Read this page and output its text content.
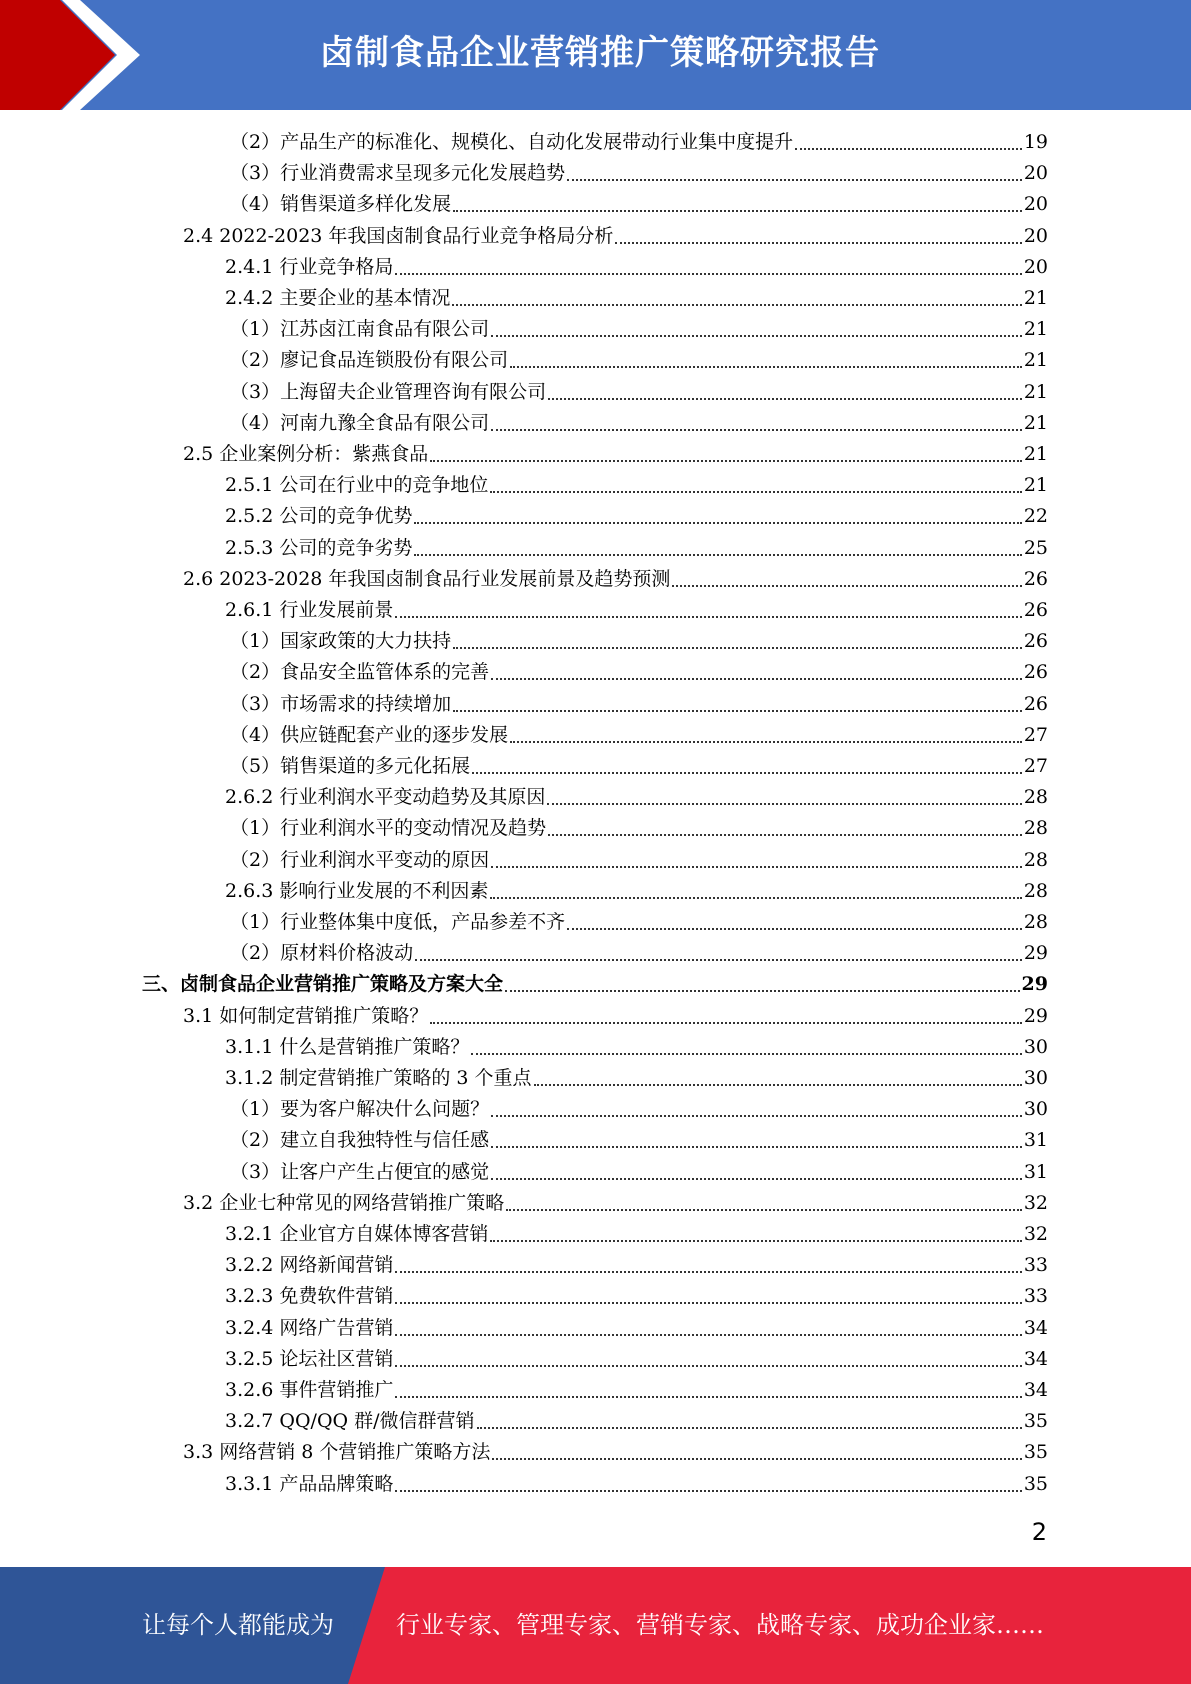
卤制食品企业营销推广策略研究报告
（2）产品生产的标准化、规模化、自动化发展带动行业集中度提升	19
（3）行业消费需求呈现多元化发展趋势	20
（4）销售渠道多样化发展	20
2.4 2022-2023 年我国卤制食品行业竞争格局分析	20
2.4.1 行业竞争格局	20
2.4.2 主要企业的基本情况	21
（1）江苏卤江南食品有限公司	21
（2）廖记食品连锁股份有限公司	21
（3）上海留夫企业管理咨询有限公司	21
（4）河南九豫全食品有限公司	21
2.5 企业案例分析：紫燕食品	21
2.5.1 公司在行业中的竞争地位	21
2.5.2 公司的竞争优势	22
2.5.3 公司的竞争劣势	25
2.6 2023-2028 年我国卤制食品行业发展前景及趋势预测	26
2.6.1 行业发展前景	26
（1）国家政策的大力扶持	26
（2）食品安全监管体系的完善	26
（3）市场需求的持续增加	26
（4）供应链配套产业的逐步发展	27
（5）销售渠道的多元化拓展	27
2.6.2 行业利润水平变动趋势及其原因	28
（1）行业利润水平的变动情况及趋势	28
（2）行业利润水平变动的原因	28
2.6.3 影响行业发展的不利因素	28
（1）行业整体集中度低，产品参差不齐	28
（2）原材料价格波动	29
三、卤制食品企业营销推广策略及方案大全	29
3.1 如何制定营销推广策略？	29
3.1.1 什么是营销推广策略？	30
3.1.2 制定营销推广策略的 3 个重点	30
（1）要为客户解决什么问题？	30
（2）建立自我独特性与信任感	31
（3）让客户产生占便宜的感觉	31
3.2 企业七种常见的网络营销推广策略	32
3.2.1 企业官方自媒体博客营销	32
3.2.2 网络新闻营销	33
3.2.3 免费软件营销	33
3.2.4 网络广告营销	34
3.2.5 论坛社区营销	34
3.2.6 事件营销推广	34
3.2.7 QQ/QQ 群/微信群营销	35
3.3 网络营销 8 个营销推广策略方法	35
3.3.1 产品品牌策略	35
2
让每个人都能成为	行业专家、管理专家、营销专家、战略专家、成功企业家……
